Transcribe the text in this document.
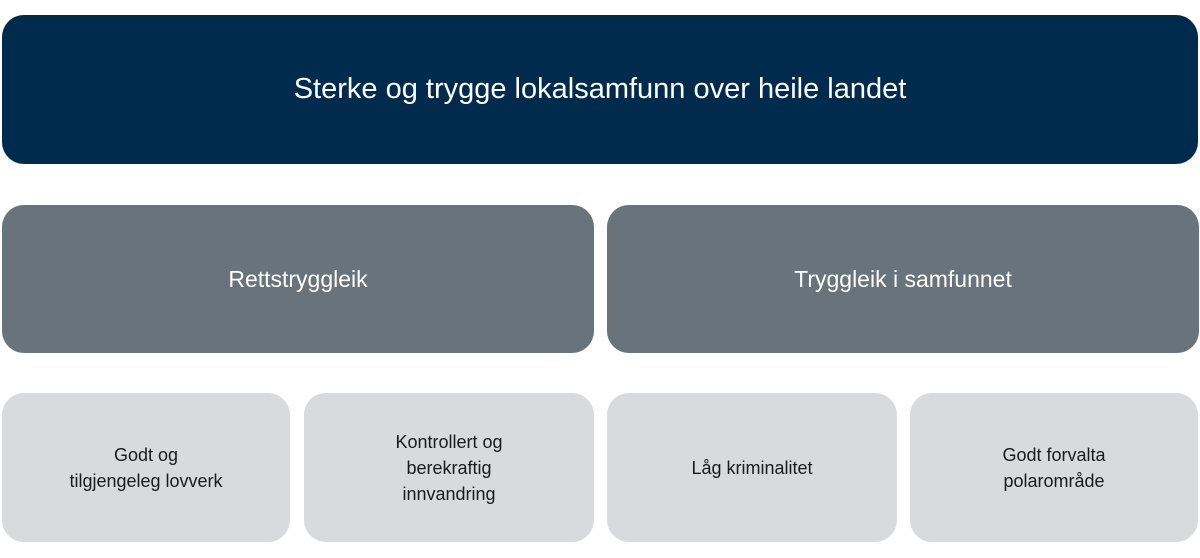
Sterke og trygge lokalsamfunn over heile landet
Rettstryggleik	Tryggleik i samfunnet
Godt og
tilgjengeleg lovverk
Kontrollert og
berekraftig
innvandring
Låg kriminalitet
Godt forvalta
polarområde
